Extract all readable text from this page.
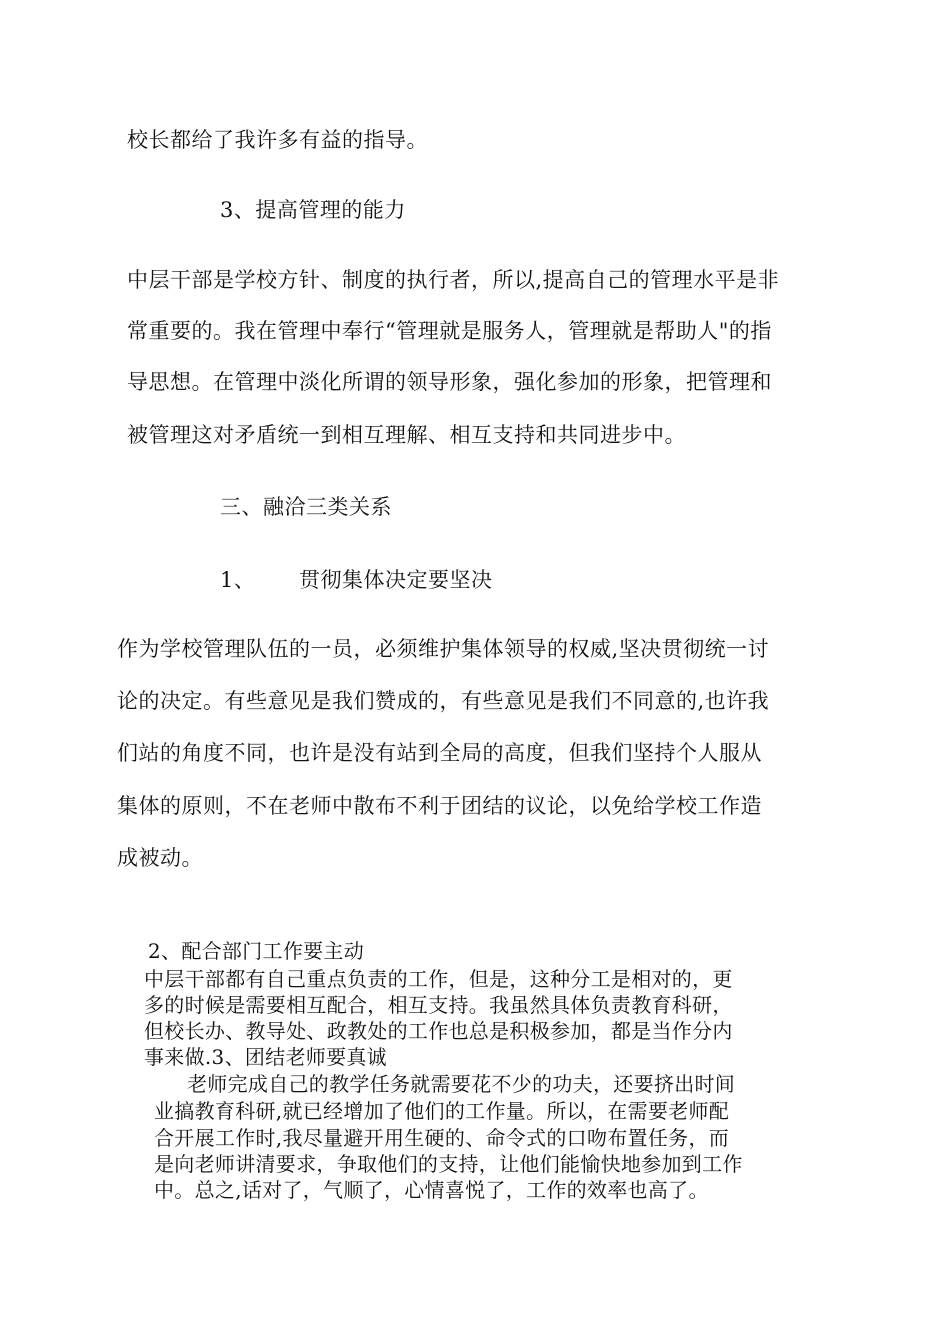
校长都给了我许多有益的指导。
3、提高管理的能力
中层干部是学校方针、制度的执行者，所以,提高自己的管理水平是非
常重要的。我在管理中奉行“管理就是服务人，管理就是帮助人"的指
导思想。在管理中淡化所谓的领导形象，强化参加的形象，把管理和
被管理这对矛盾统一到相互理解、相互支持和共同进步中。
三、融洽三类关系
1、 贯彻集体决定要坚决
作为学校管理队伍的一员，必须维护集体领导的权威,坚决贯彻统一讨
论的决定。有些意见是我们赞成的，有些意见是我们不同意的,也许我
们站的角度不同，也许是没有站到全局的高度，但我们坚持个人服从
集体的原则，不在老师中散布不利于团结的议论，以免给学校工作造
成被动。
2、配合部门工作要主动
中层干部都有自己重点负责的工作，但是，这种分工是相对的，更
多的时候是需要相互配合，相互支持。我虽然具体负责教育科研，
但校长办、教导处、政教处的工作也总是积极参加，都是当作分内
事来做.3、团结老师要真诚
老师完成自己的教学任务就需要花不少的功夫，还要挤出时间
业搞教育科研,就已经增加了他们的工作量。所以，在需要老师配
合开展工作时,我尽量避开用生硬的、命令式的口吻布置任务，而
是向老师讲清要求，争取他们的支持，让他们能愉快地参加到工作
中。总之,话对了，气顺了，心情喜悦了，工作的效率也高了。
